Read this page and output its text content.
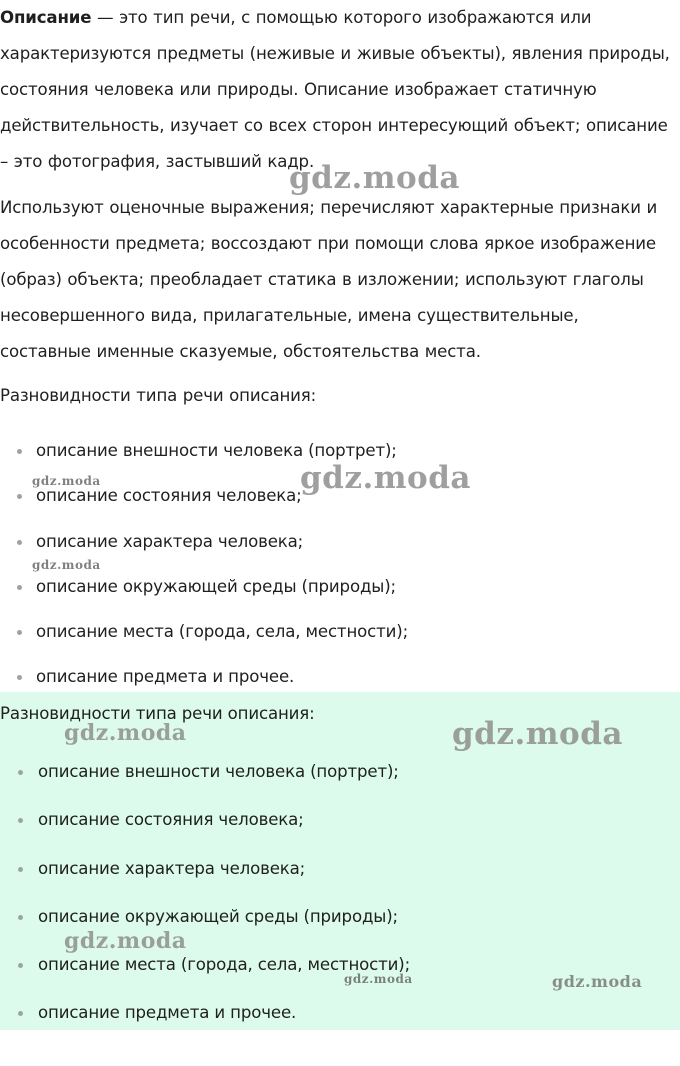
Описание — это тип речи, с помощью которого изображаются или характеризуются предметы (неживые и живые объекты), явления природы, состояния человека или природы. Описание изображает статичную действительность, изучает со всех сторон интересующий объект; описание – это фотография, застывший кадр.

Используют оценочные выражения; перечисляют характерные признаки и особенности предмета; воссоздают при помощи слова яркое изображение (образ) объекта; преобладает статика в изложении; используют глаголы несовершенного вида, прилагательные, имена существительные, составные именные сказуемые, обстоятельства места.

Разновидности типа речи описания:

описание внешности человека (портрет);
описание состояния человека;
описание характера человека;
описание окружающей среды (природы);
описание места (города, села, местности);
описание предмета и прочее.

Разновидности типа речи описания:

описание внешности человека (портрет);
описание состояния человека;
описание характера человека;
описание окружающей среды (природы);
описание места (города, села, местности);
описание предмета и прочее.
gdz.moda
gdz.moda	gdz.moda
gdz.moda
gdz.moda	gdz.moda
gdz.moda
gdz.moda	gdz.moda
